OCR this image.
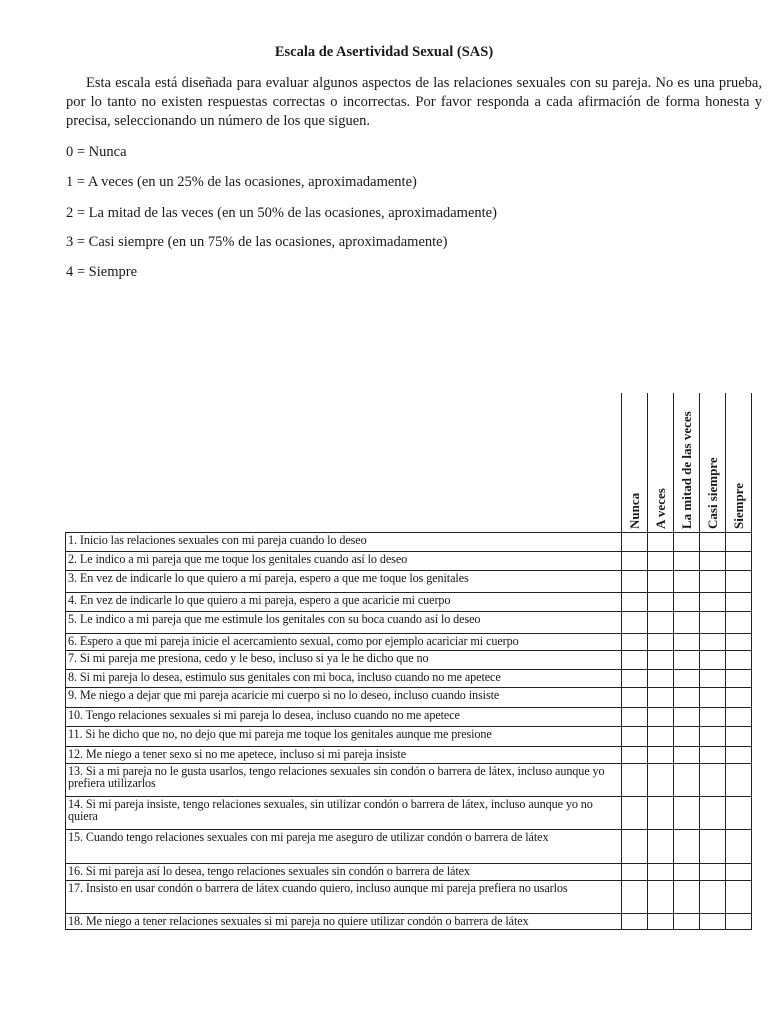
Escala de Asertividad Sexual (SAS)
Esta escala está diseñada para evaluar algunos aspectos de las relaciones sexuales con su pareja. No es una prueba, por lo tanto no existen respuestas correctas o incorrectas. Por favor responda a cada afirmación de forma honesta y precisa, seleccionando un número de los que siguen.
0 = Nunca
1 = A veces (en un 25% de las ocasiones, aproximadamente)
2 = La mitad de las veces (en un 50% de las ocasiones, aproximadamente)
3 = Casi siempre (en un 75% de las ocasiones, aproximadamente)
4 = Siempre

	Nunca	A veces	La mitad de las veces	Casi siempre	Siempre

1. Inicio las relaciones sexuales con mi pareja cuando lo deseo					
2. Le indico a mi pareja que me toque los genitales cuando así lo deseo					
3. En vez de indicarle lo que quiero a mi pareja, espero a que me toque los genitales					
4. En vez de indicarle lo que quiero a mi pareja, espero a que acaricie mi cuerpo					
5. Le indico a mi pareja que me estimule los genitales con su boca cuando así lo deseo					
6. Espero a que mi pareja inicie el acercamiento sexual, como por ejemplo acariciar mi cuerpo					
7. Si mi pareja me presiona, cedo y le beso, incluso si ya le he dicho que no					
8. Si mi pareja lo desea, estimulo sus genitales con mi boca, incluso cuando no me apetece					
9. Me niego a dejar que mi pareja acaricie mi cuerpo si no lo deseo, incluso cuando insiste					
10. Tengo relaciones sexuales si mi pareja lo desea, incluso cuando no me apetece					
11. Si he dicho que no, no dejo que mi pareja me toque los genitales aunque me presione					
12. Me niego a tener sexo si no me apetece, incluso si mi pareja insiste					
13. Si a mi pareja no le gusta usarlos, tengo relaciones sexuales sin condón o barrera de látex, incluso aunque yo prefiera utilizarlos					
14. Si mi pareja insiste, tengo relaciones sexuales, sin utilizar condón o barrera de látex, incluso aunque yo no quiera					
15. Cuando tengo relaciones sexuales con mi pareja me aseguro de utilizar condón o barrera de látex					
16. Si mi pareja así lo desea, tengo relaciones sexuales sin condón o barrera de látex					
17. Insisto en usar condón o barrera de látex cuando quiero, incluso aunque mi pareja prefiera no usarlos					
18. Me niego a tener relaciones sexuales si mi pareja no quiere utilizar condón o barrera de látex					
